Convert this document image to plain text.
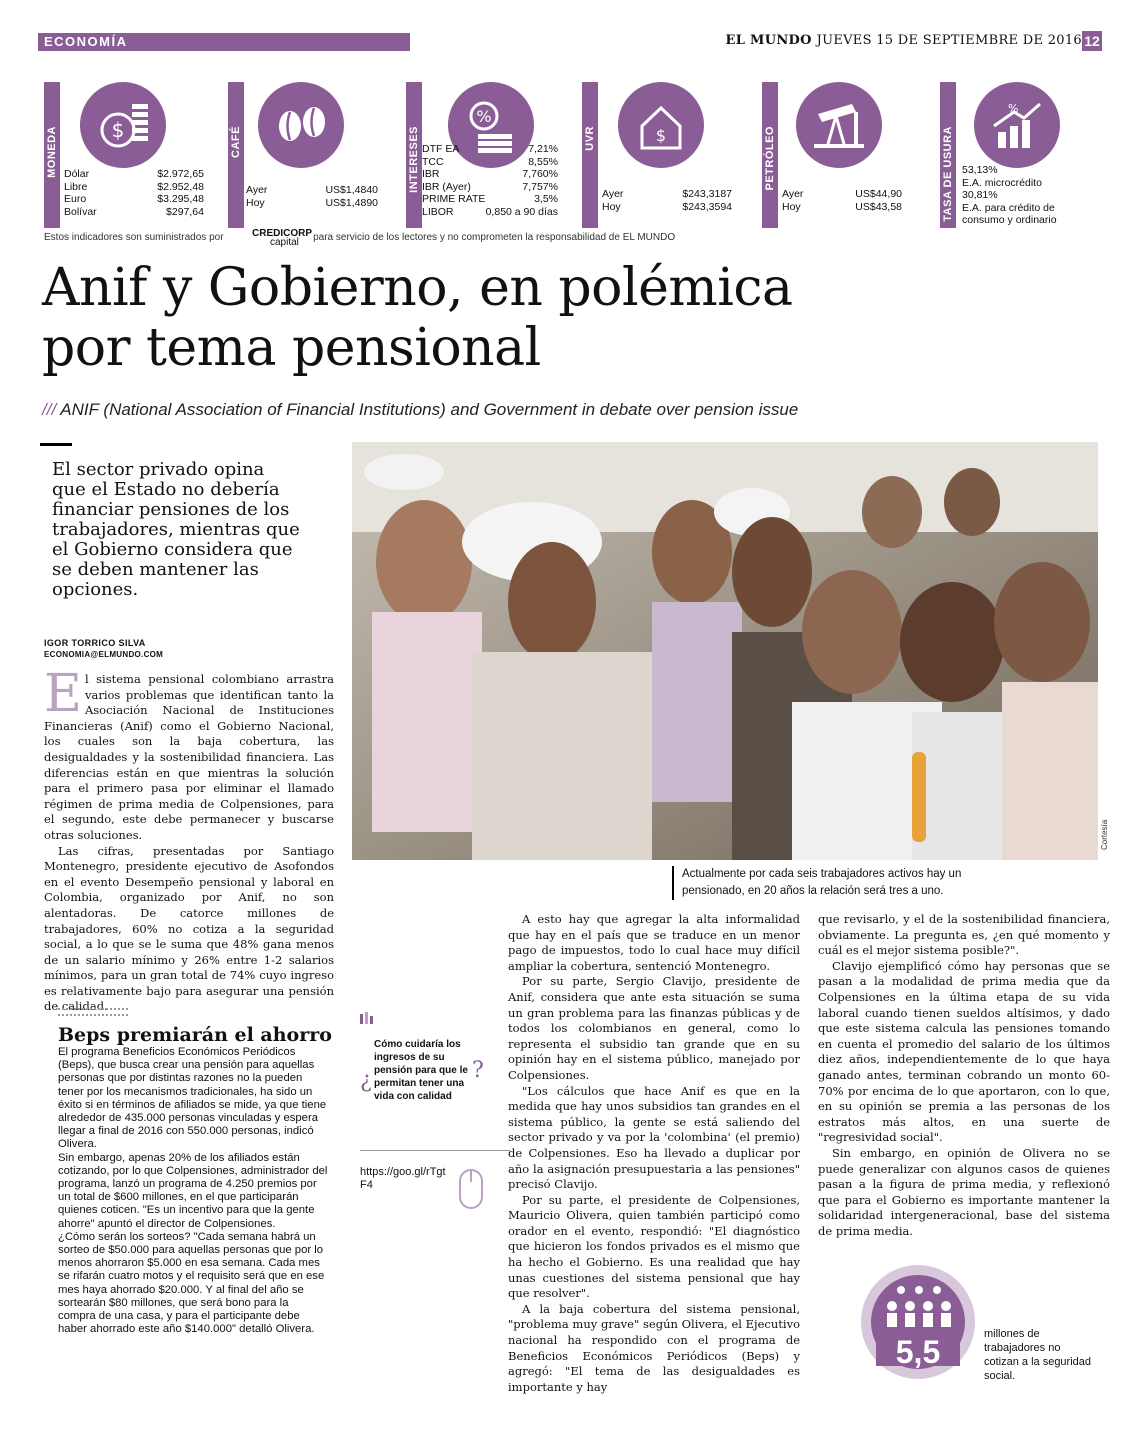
ECONOMÍA	EL MUNDO JUEVES 15 DE SEPTIEMBRE DE 2016 12
MONEDA	$
Dólar	$2.972,65
Libre	$2.952,48
Euro	$3.295,48
Bolívar	$297,64
CAFÉ
Ayer	US$1,4840
Hoy	US$1,4890
INTERESES
%
DTF EA	7,21%
TCC	8,55%
IBR	7,760%
IBR (Ayer)	7,757%
PRIME RATE	3,5%
LIBOR	0,850 a 90 días
UVR	$
Ayer	$243,3187
Hoy	$243,3594
PETRÓLEO
Ayer	US$44,90
Hoy	US$43,58	TASA DE USURA
%
53,13%
E.A. microcrédito
30,81%
E.A. para crédito de
consumo y ordinario
Estos indicadores son suministrados por	para servicio de los lectores y no comprometen la responsabilidad de EL MUNDO
CREDICORP
capital
Anif y Gobierno, en polémica
por tema pensional
/// ANIF (National Association of Financial Institutions) and Government in debate over pension issue
El sector privado opina que el Estado no debería financiar pensiones de los trabajadores, mientras que el Gobierno considera que se deben mantener las opciones.
IGOR TORRICO SILVA
ECONOMIA@ELMUNDO.COM

El sistema pensional colombiano arrastra varios problemas que identifican tanto la Asociación Nacional de Instituciones Financieras (Anif) como el Gobierno Nacional, los cuales son la baja cobertura, las desigualdades y la sostenibilidad financiera. Las diferencias están en que mientras la solución para el primero pasa por eliminar el llamado régimen de prima media de Colpensiones, para el segundo, este debe permanecer y buscarse otras soluciones.

Las cifras, presentadas por Santiago Montenegro, presidente ejecutivo de Asofondos en el evento Desempeño pensional y laboral en Colombia, organizado por Anif, no son alentadoras. De catorce millones de trabajadores, 60% no cotiza a la seguridad social, a lo que se le suma que 48% gana menos de un salario mínimo y 26% entre 1-2 salarios mínimos, para un gran total de 74% cuyo ingreso es relativamente bajo para asegurar una pensión de calidad.

Cortesía
Actualmente por cada seis trabajadores activos hay un pensionado, en 20 años la relación será tres a uno.

A esto hay que agregar la alta informalidad que hay en el país que se traduce en un menor pago de impuestos, todo lo cual hace muy difícil ampliar la cobertura, sentenció Montenegro.

Por su parte, Sergio Clavijo, presidente de Anif, considera que ante esta situación se suma un gran problema para las finanzas públicas y de todos los colombianos en general, como lo representa el subsidio tan grande que en su opinión hay en el sistema público, manejado por Colpensiones.

"Los cálculos que hace Anif es que en la medida que hay unos subsidios tan grandes en el sistema público, la gente se está saliendo del sector privado y va por la 'colombina' (el premio) de Colpensiones. Eso ha llevado a duplicar por año la asignación presupuestaria a las pensiones" precisó Clavijo.

Por su parte, el presidente de Colpensiones, Mauricio Olivera, quien también participó como orador en el evento, respondió: "El diagnóstico que hicieron los fondos privados es el mismo que ha hecho el Gobierno. Es una realidad que hay unas cuestiones del sistema pensional que hay que resolver".

A la baja cobertura del sistema pensional, "problema muy grave" según Olivera, el Ejecutivo nacional ha respondido con el programa de Beneficios Económicos Periódicos (Beps) y agregó: "El tema de las desigualdades es importante y hay

que revisarlo, y el de la sostenibilidad financiera, obviamente. La pregunta es, ¿en qué momento y cuál es el mejor sistema posible?".

Clavijo ejemplificó cómo hay personas que se pasan a la modalidad de prima media que da Colpensiones en la última etapa de su vida laboral cuando tienen sueldos altísimos, y dado que este sistema calcula las pensiones tomando en cuenta el promedio del salario de los últimos diez años, independientemente de lo que haya ganado antes, terminan cobrando un monto 60-70% por encima de lo que aportaron, con lo que, en su opinión se premia a las personas de los estratos más altos, en una suerte de "regresividad social".

Sin embargo, en opinión de Olivera no se puede generalizar con algunos casos de quienes pasan a la figura de prima media, y reflexionó que para el Gobierno es importante mantener la solidaridad intergeneracional, base del sistema de prima media.

Beps premiarán el ahorro

El programa Beneficios Económicos Periódicos (Beps), que busca crear una pensión para aquellas personas que por distintas razones no la pueden tener por los mecanismos tradicionales, ha sido un éxito si en términos de afiliados se mide, ya que tiene alrededor de 435.000 personas vinculadas y espera llegar a final de 2016 con 550.000 personas, indicó Olivera.

Sin embargo, apenas 20% de los afiliados están cotizando, por lo que Colpensiones, administrador del programa, lanzó un programa de 4.250 premios por un total de $600 millones, en el que participarán quienes coticen. "Es un incentivo para que la gente ahorre" apuntó el director de Colpensiones.

¿Cómo serán los sorteos? "Cada semana habrá un sorteo de $50.000 para aquellas personas que por lo menos ahorraron $5.000 en esa semana. Cada mes se rifarán cuatro motos y el requisito será que en ese mes haya ahorrado $20.000. Y al final del año se sortearán $80 millones, que será bono para la compra de una casa, y para el participante debe haber ahorrado este año $140.000" detalló Olivera.

Cómo cuidaría los ingresos de su pensión para que le permitan tener una vida con calidad
¿	?
https://goo.gl/rTgtF4
5,5	millones de trabajadores no cotizan a la seguridad social.
